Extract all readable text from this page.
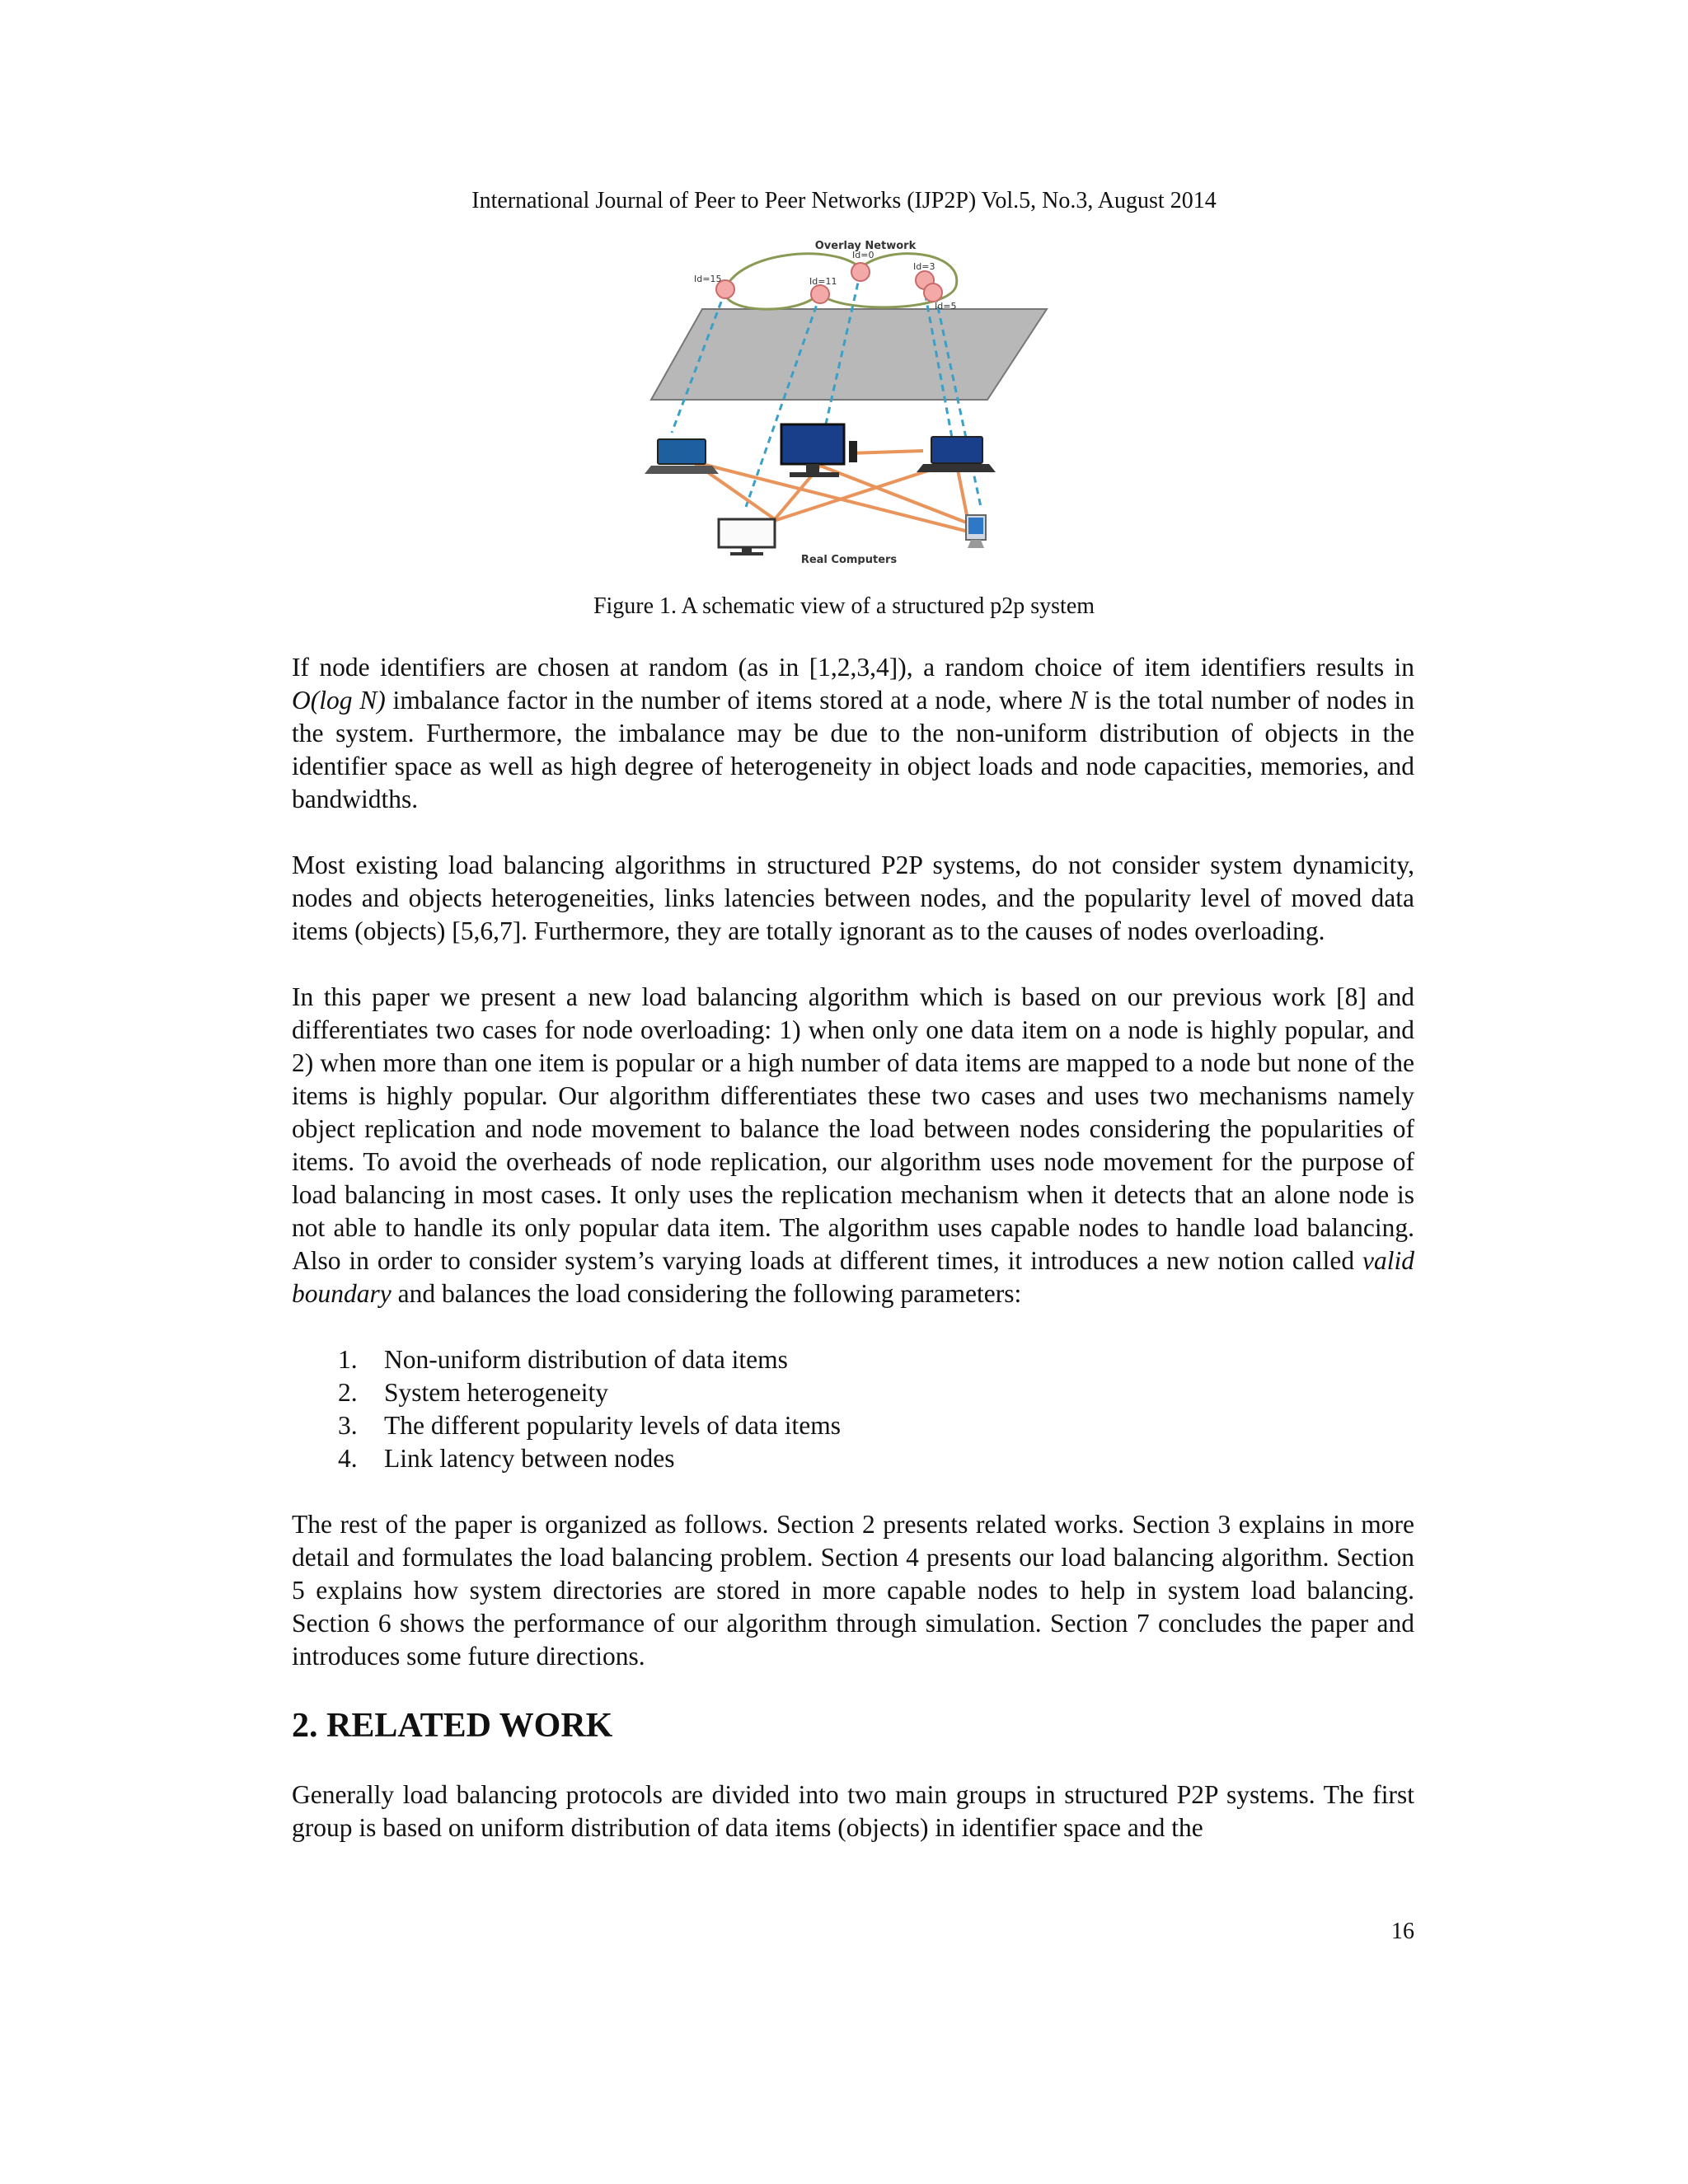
International Journal of Peer to Peer Networks (IJP2P) Vol.5, No.3, August 2014
Id=0
Id=3
Id=15	Id=11
Id=5
Overlay Network
Real Computers
Figure 1. A schematic view of a structured p2p system

If node identifiers are chosen at random (as in [1,2,3,4]), a random choice of item identifiers results in O(log N) imbalance factor in the number of items stored at a node, where N is the total number of nodes in the system. Furthermore, the imbalance may be due to the non-uniform distribution of objects in the identifier space as well as high degree of heterogeneity in object loads and node capacities, memories, and bandwidths.

Most existing load balancing algorithms in structured P2P systems, do not consider system dynamicity, nodes and objects heterogeneities, links latencies between nodes, and the popularity level of moved data items (objects) [5,6,7]. Furthermore, they are totally ignorant as to the causes of nodes overloading.

In this paper we present a new load balancing algorithm which is based on our previous work [8] and differentiates two cases for node overloading: 1) when only one data item on a node is highly popular, and 2) when more than one item is popular or a high number of data items are mapped to a node but none of the items is highly popular. Our algorithm differentiates these two cases and uses two mechanisms namely object replication and node movement to balance the load between nodes considering the popularities of items. To avoid the overheads of node replication, our algorithm uses node movement for the purpose of load balancing in most cases. It only uses the replication mechanism when it detects that an alone node is not able to handle its only popular data item. The algorithm uses capable nodes to handle load balancing. Also in order to consider system’s varying loads at different times, it introduces a new notion called valid boundary and balances the load considering the following parameters:

1.	Non-uniform distribution of data items
2.	System heterogeneity
3.	The different popularity levels of data items
4.	Link latency between nodes

The rest of the paper is organized as follows. Section 2 presents related works. Section 3 explains in more detail and formulates the load balancing problem. Section 4 presents our load balancing algorithm. Section 5 explains how system directories are stored in more capable nodes to help in system load balancing. Section 6 shows the performance of our algorithm through simulation. Section 7 concludes the paper and introduces some future directions.

2. RELATED WORK

Generally load balancing protocols are divided into two main groups in structured P2P systems. The first group is based on uniform distribution of data items (objects) in identifier space and the

16
